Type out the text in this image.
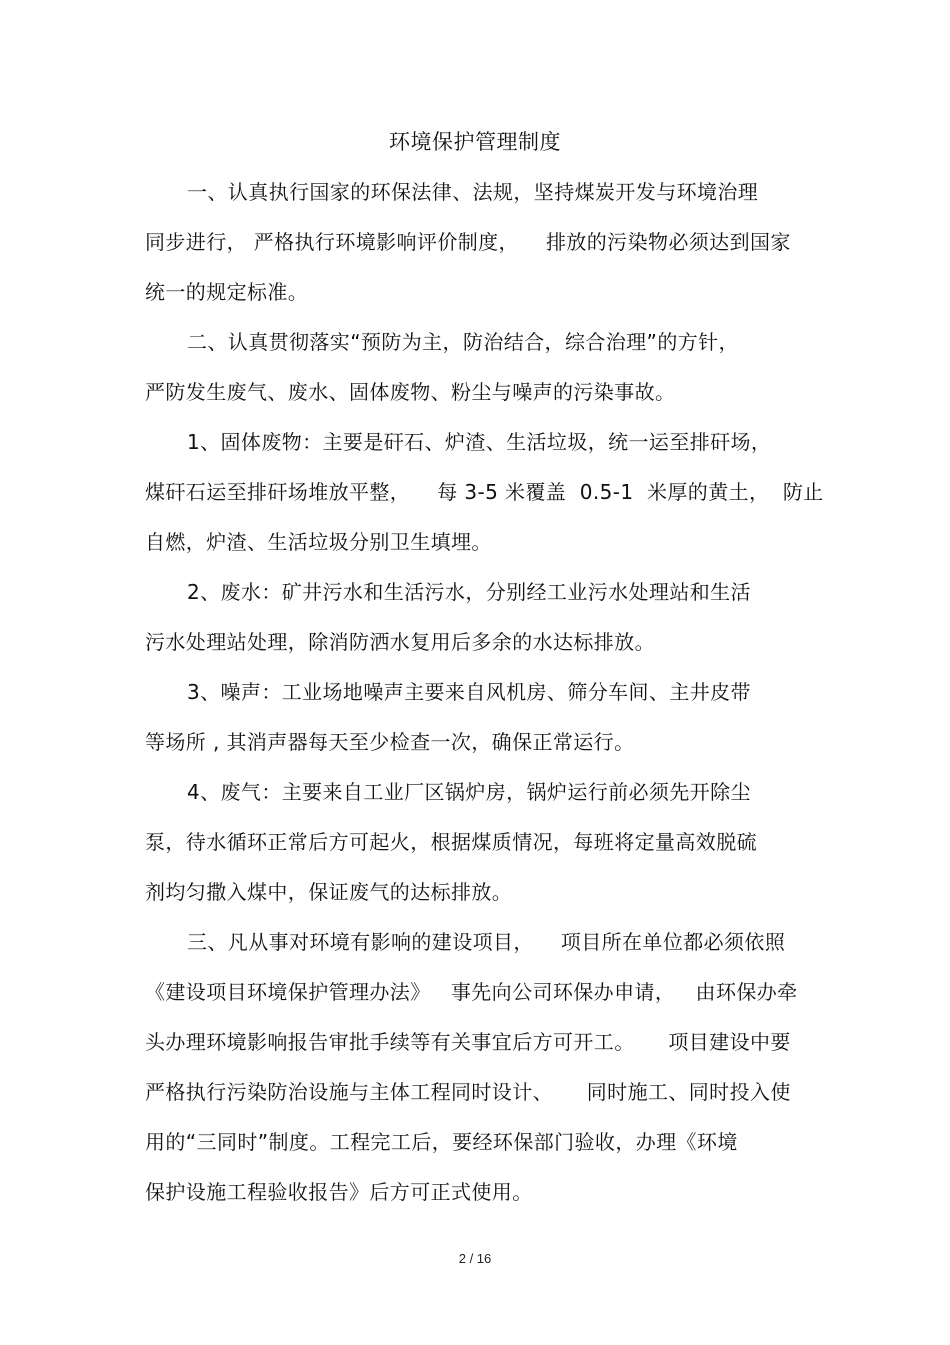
环境保护管理制度
一、认真执行国家的环保法律、法规，坚持煤炭开发与环境治理
同步进行， 严格执行环境影响评价制度，    排放的污染物必须达到国家
统一的规定标准。
二、认真贯彻落实“预防为主，防治结合，综合治理”的方针，
严防发生废气、废水、固体废物、粉尘与噪声的污染事故。
1、固体废物：主要是矸石、炉渣、生活垃圾，统一运至排矸场，
煤矸石运至排矸场堆放平整，    每 3-5 米覆盖  0.5-1  米厚的黄土，  防止
自燃，炉渣、生活垃圾分别卫生填埋。
2、废水：矿井污水和生活污水，分别经工业污水处理站和生活
污水处理站处理，除消防洒水复用后多余的水达标排放。
3、噪声：工业场地噪声主要来自风机房、筛分车间、主井皮带
等场所 , 其消声器每天至少检查一次，确保正常运行。
4、废气：主要来自工业厂区锅炉房，锅炉运行前必须先开除尘
泵，待水循环正常后方可起火，根据煤质情况，每班将定量高效脱硫
剂均匀撒入煤中，保证废气的达标排放。
三、凡从事对环境有影响的建设项目，    项目所在单位都必须依照
《建设项目环境保护管理办法》   事先向公司环保办申请，   由环保办牵
头办理环境影响报告审批手续等有关事宜后方可开工。     项目建设中要
严格执行污染防治设施与主体工程同时设计、     同时施工、同时投入使
用的“三同时”制度。工程完工后，要经环保部门验收，办理《环境
保护设施工程验收报告》后方可正式使用。
2 / 16
